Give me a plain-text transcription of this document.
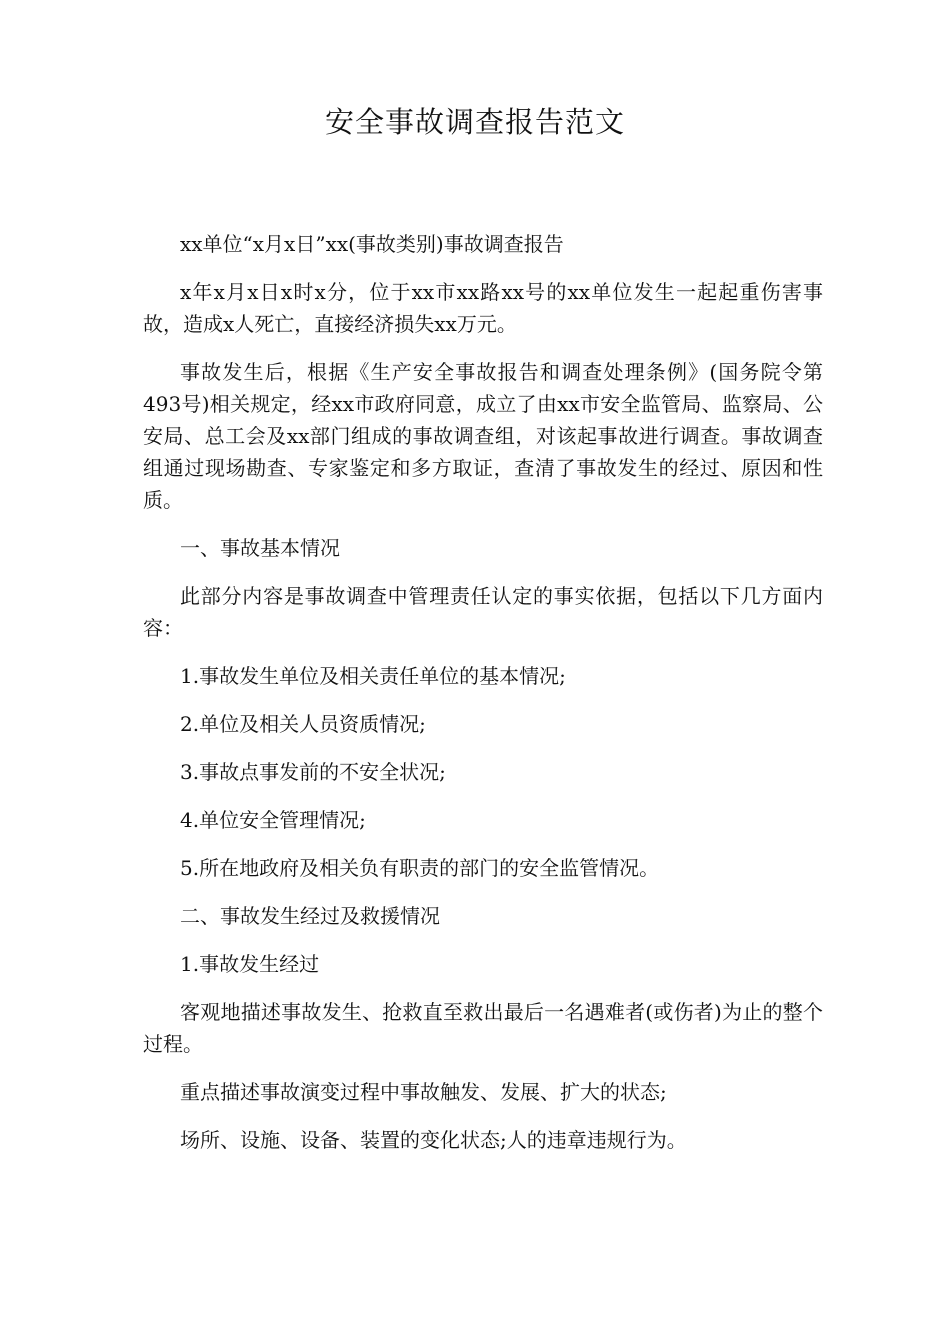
安全事故调查报告范文

xx单位“x月x日”xx(事故类别)事故调查报告

x年x月x日x时x分，位于xx市xx路xx号的xx单位发生一起起重伤害事故，造成x人死亡，直接经济损失xx万元。

事故发生后，根据《生产安全事故报告和调查处理条例》(国务院令第493号)相关规定，经xx市政府同意，成立了由xx市安全监管局、监察局、公安局、总工会及xx部门组成的事故调查组，对该起事故进行调查。事故调查组通过现场勘查、专家鉴定和多方取证，查清了事故发生的经过、原因和性质。

一、事故基本情况

此部分内容是事故调查中管理责任认定的事实依据，包括以下几方面内容：

1.事故发生单位及相关责任单位的基本情况;

2.单位及相关人员资质情况;

3.事故点事发前的不安全状况;

4.单位安全管理情况;

5.所在地政府及相关负有职责的部门的安全监管情况。

二、事故发生经过及救援情况

1.事故发生经过

客观地描述事故发生、抢救直至救出最后一名遇难者(或伤者)为止的整个过程。

重点描述事故演变过程中事故触发、发展、扩大的状态;

场所、设施、设备、装置的变化状态;人的违章违规行为。
